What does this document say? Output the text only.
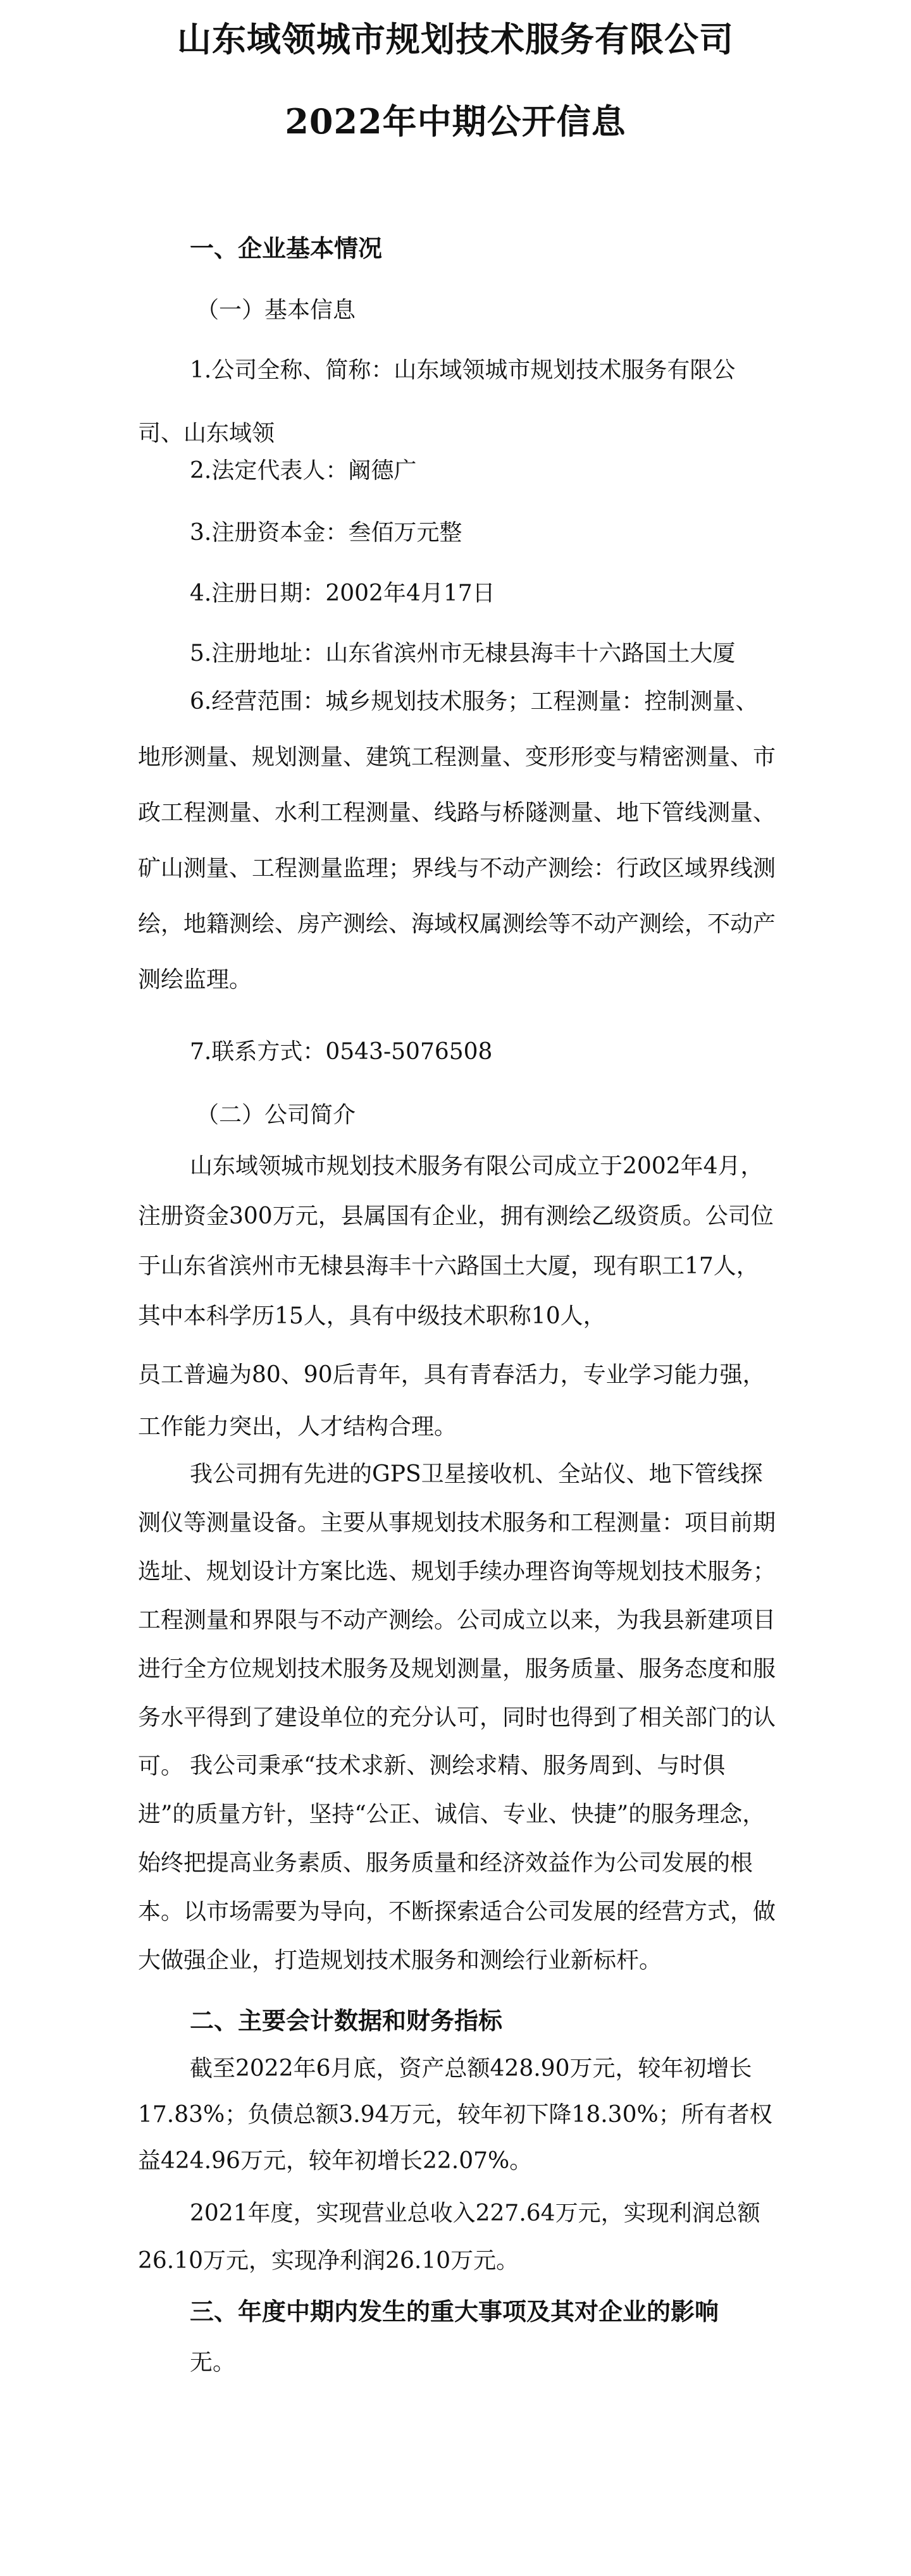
山东域领城市规划技术服务有限公司
2022年中期公开信息

一、企业基本情况

（一）基本信息

1.公司全称、简称：山东域领城市规划技术服务有限公司、山东域领

2.法定代表人：阚德广

3.注册资本金：叁佰万元整

4.注册日期：2002年4月17日

5.注册地址：山东省滨州市无棣县海丰十六路国土大厦

6.经营范围：城乡规划技术服务；工程测量：控制测量、地形测量、规划测量、建筑工程测量、变形形变与精密测量、市政工程测量、水利工程测量、线路与桥隧测量、地下管线测量、矿山测量、工程测量监理；界线与不动产测绘：行政区域界线测绘，地籍测绘、房产测绘、海域权属测绘等不动产测绘，不动产测绘监理。

7.联系方式：0543-5076508

（二）公司简介

山东域领城市规划技术服务有限公司成立于2002年4月，注册资金300万元，县属国有企业，拥有测绘乙级资质。公司位于山东省滨州市无棣县海丰十六路国土大厦，现有职工17人，其中本科学历15人，具有中级技术职称10人，

员工普遍为80、90后青年，具有青春活力，专业学习能力强，工作能力突出，人才结构合理。

我公司拥有先进的GPS卫星接收机、全站仪、地下管线探测仪等测量设备。主要从事规划技术服务和工程测量：项目前期选址、规划设计方案比选、规划手续办理咨询等规划技术服务；工程测量和界限与不动产测绘。公司成立以来，为我县新建项目进行全方位规划技术服务及规划测量，服务质量、服务态度和服务水平得到了建设单位的充分认可，同时也得到了相关部门的认可。 我公司秉承“技术求新、测绘求精、服务周到、与时俱进”的质量方针，坚持“公正、诚信、专业、快捷”的服务理念，始终把提高业务素质、服务质量和经济效益作为公司发展的根本。以市场需要为导向，不断探索适合公司发展的经营方式，做大做强企业，打造规划技术服务和测绘行业新标杆。

二、主要会计数据和财务指标

截至2022年6月底，资产总额428.90万元，较年初增长17.83%；负债总额3.94万元，较年初下降18.30%；所有者权益424.96万元，较年初增长22.07%。

2021年度，实现营业总收入227.64万元，实现利润总额26.10万元，实现净利润26.10万元。

三、年度中期内发生的重大事项及其对企业的影响

无。
